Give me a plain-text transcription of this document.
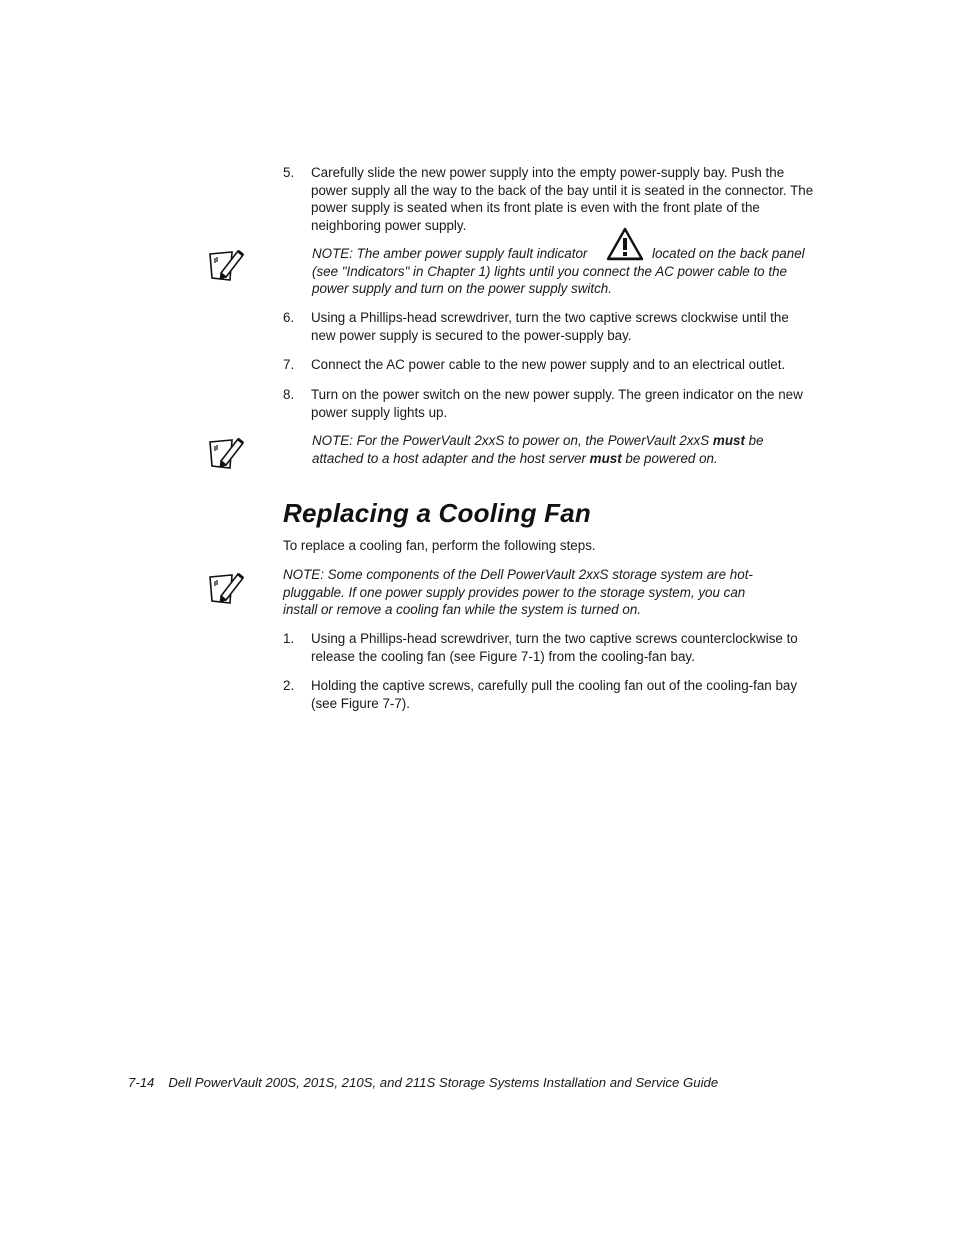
5. Carefully slide the new power supply into the empty power-supply bay. Push the power supply all the way to the back of the bay until it is seated in the connector. The power supply is seated when its front plate is even with the front plate of the neighboring power supply.
NOTE: The amber power supply fault indicator	located on the back panel
(see "Indicators" in Chapter 1) lights until you connect the AC power cable to the power supply and turn on the power supply switch.
6. Using a Phillips-head screwdriver, turn the two captive screws clockwise until the new power supply is secured to the power-supply bay.
7. Connect the AC power cable to the new power supply and to an electrical outlet.
8. Turn on the power switch on the new power supply. The green indicator on the new power supply lights up.
NOTE: For the PowerVault 2xxS to power on, the PowerVault 2xxS must be attached to a host adapter and the host server must be powered on.
Replacing a Cooling Fan
To replace a cooling fan, perform the following steps.
NOTE: Some components of the Dell PowerVault 2xxS storage system are hot-pluggable. If one power supply provides power to the storage system, you can install or remove a cooling fan while the system is turned on.
1. Using a Phillips-head screwdriver, turn the two captive screws counterclockwise to release the cooling fan (see Figure 7-1) from the cooling-fan bay.
2. Holding the captive screws, carefully pull the cooling fan out of the cooling-fan bay (see Figure 7-7).
7-14 Dell PowerVault 200S, 201S, 210S, and 211S Storage Systems Installation and Service Guide
